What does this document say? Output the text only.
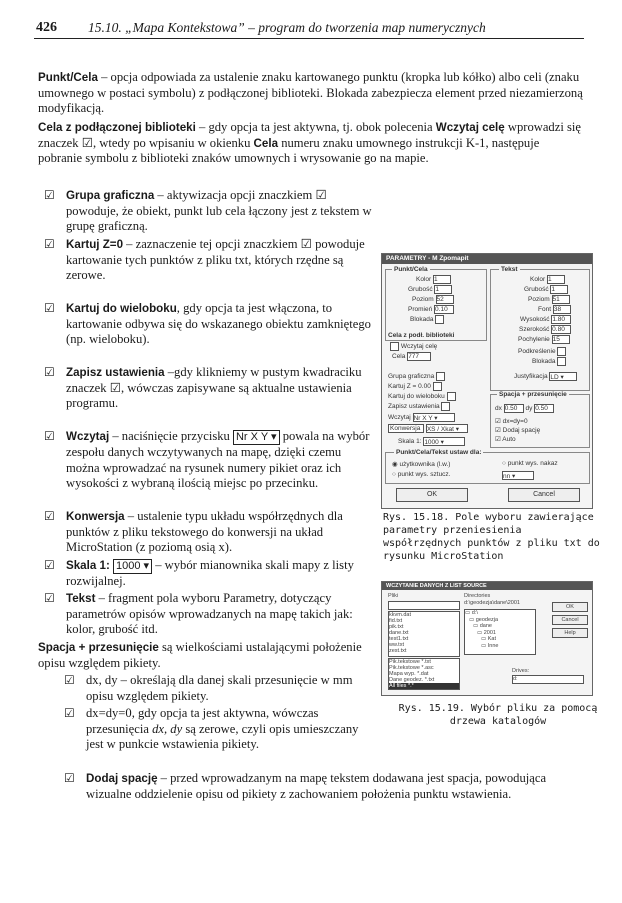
426 15.10. „Mapa Kontekstowa” – program do tworzenia map numerycznych

Punkt/Cela – opcja odpowiada za ustalenie znaku kartowanego punktu (kropka lub kółko) albo celi (znaku umownego w postaci symbolu) z podłączonej biblioteki. Blokada zabezpiecza element przed niezamierzoną modyfikacją.

Cela z podłączonej biblioteki – gdy opcja ta jest aktywna, tj. obok polecenia Wczytaj celę wprowadzi się znaczek ☑, wtedy po wpisaniu w okienku Cela numeru znaku umownego instrukcji K-1, następuje pobranie symbolu z biblioteki znaków umownych i wrysowanie go na mapie.

☑ Grupa graficzna – aktywizacja opcji znaczkiem ☑ powoduje, że obiekt, punkt lub cela łączony jest z tekstem w grupę graficzną.
☑ Kartuj Z=0 – zaznaczenie tej opcji znaczkiem ☑ powoduje kartowanie tych punktów z pliku txt, których rzędne są zerowe.
☑ Kartuj do wieloboku, gdy opcja ta jest włączona, to kartowanie odbywa się do wskazanego obiektu zamkniętego (np. wieloboku).
☑ Zapisz ustawienia –gdy klikniemy w pustym kwadraciku znaczek ☑, wówczas zapisywane są aktualne ustawienia programu.
☑ Wczytaj – naciśnięcie przycisku Nr X Y ▾ powala na wybór zespołu danych wczytywanych na mapę, dzięki czemu można wprowadzać na rysunek numery pikiet oraz ich wysokości z wybraną ilością miejsc po przecinku.
☑ Konwersja – ustalenie typu układu współrzędnych dla punktów z pliku tekstowego do konwersji na układ MicroStation (z poziomą osią x).
☑ Skala 1: 1000 ▾ – wybór mianownika skali mapy z listy rozwijalnej.
☑ Tekst – fragment pola wyboru Parametry, dotyczący parametrów opisów wprowadzanych na mapę takich jak: kolor, grubość itd.

Spacja + przesunięcie są wielkościami ustalającymi położenie opisu względem pikiety.

☑ dx, dy – określają dla danej skali przesunięcie w mm opisu względem pikiety.
☑ dx=dy=0, gdy opcja ta jest aktywna, wówczas przesunięcia dx, dy są zerowe, czyli opis umieszczany jest w punkcie wstawienia pikiety.
☑ Dodaj spację – przed wprowadzanym na mapę tekstem dodawana jest spacja, powodująca wizualne oddzielenie opisu od pikiety z zachowaniem położenia punktu wstawienia.
PARAMETRY - M Zpomapit
Punkt/Cela
Kolor 1
Grubość 1
Poziom 52
Promień 0.10
Blokada
Cela z podł. biblioteki
Wczytaj celę
Cela 777
Tekst
Kolor 1
Grubość 1
Poziom 51
Font 38
Wysokość 1.80
Szerokość 0.80
Pochylenie 15
Podkreślenie
Blokada
Justyfikacja LD ▾
Grupa graficzna
Kartuj Z = 0.00
Kartuj do wieloboku
Zapisz ustawienia
Wczytaj Nr X Y ▾
Konwersja XS / Xkat ▾
Skala 1: 1000 ▾
Spacja + przesunięcie
dx 0.50 dy 0.50
☑ dx=dy=0
☑ Dodaj spację
☑ Auto
Punkt/Cela/Tekst ustaw dla:
◉ użytkownika (l.w.)	○ punkt wys. nakaz
○ punkt wys. sztucz.	nn ▾
OK	Cancel
Rys. 15.18. Pole wyboru zawierające parametry przeniesienia współrzędnych punktów z pliku txt do rysunku MicroStation
WCZYTANIE DANYCH Z LIST SOURCE
Pliki	Directories
d:\geodezja\dane\2001
kkvm.dat
fid.txt
pik.txt
dane.txt
test1.txt
ww.txt
zest.txt
▭ d:\
▭ geodezja
▭ dane
▭ 2001
▭ Kat
▭ Inne
OK
Cancel
Help
Pik.tekstowe *.txt
Pik.tekstowe *.asc
Mapa wyp. *.dat
Dane geodez. *.txt
All files *.*
Drives:
d:
Rys. 15.19. Wybór pliku za pomocą drzewa katalogów
